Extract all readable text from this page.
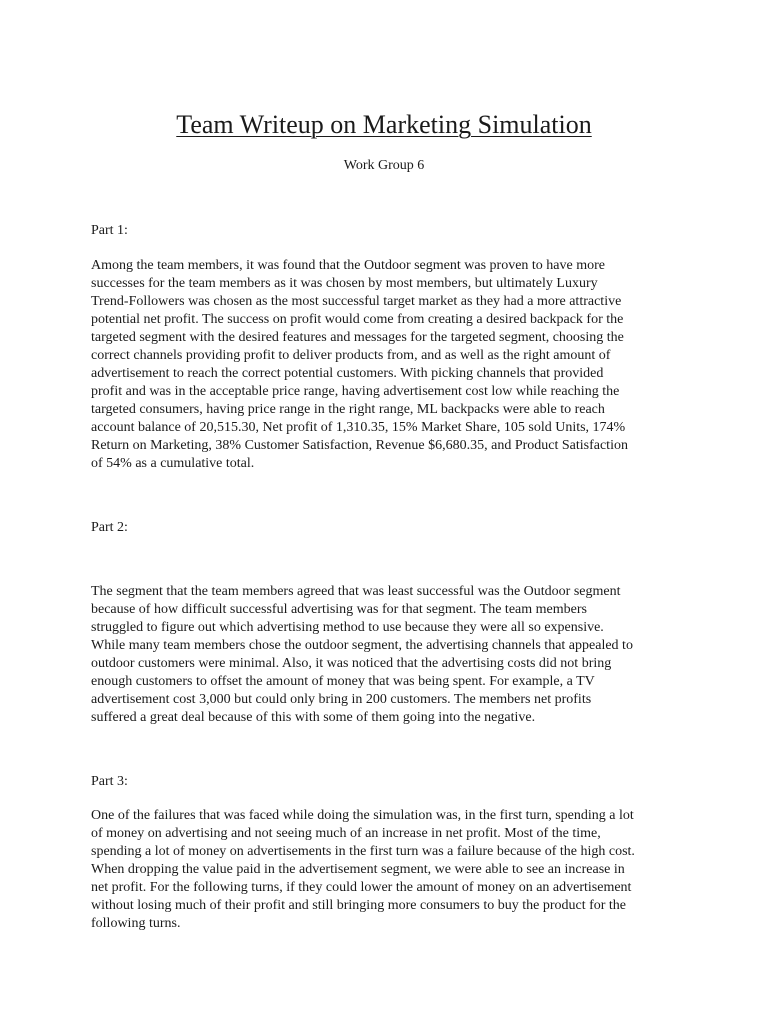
Team Writeup on Marketing Simulation

Work Group 6

Part 1:

Among the team members, it was found that the Outdoor segment was proven to have more
successes for the team members as it was chosen by most members, but ultimately Luxury
Trend-Followers was chosen as the most successful target market as they had a more attractive
potential net profit. The success on profit would come from creating a desired backpack for the
targeted segment with the desired features and messages for the targeted segment, choosing the
correct channels providing profit to deliver products from, and as well as the right amount of
advertisement to reach the correct potential customers. With picking channels that provided
profit and was in the acceptable price range, having advertisement cost low while reaching the
targeted consumers, having price range in the right range, ML backpacks were able to reach
account balance of 20,515.30, Net profit of 1,310.35, 15% Market Share, 105 sold Units, 174%
Return on Marketing, 38% Customer Satisfaction, Revenue $6,680.35, and Product Satisfaction
of 54% as a cumulative total.

Part 2:

The segment that the team members agreed that was least successful was the Outdoor segment
because of how difficult successful advertising was for that segment. The team members
struggled to figure out which advertising method to use because they were all so expensive.
While many team members chose the outdoor segment, the advertising channels that appealed to
outdoor customers were minimal. Also, it was noticed that the advertising costs did not bring
enough customers to offset the amount of money that was being spent. For example, a TV
advertisement cost 3,000 but could only bring in 200 customers. The members net profits
suffered a great deal because of this with some of them going into the negative.

Part 3:

One of the failures that was faced while doing the simulation was, in the first turn, spending a lot
of money on advertising and not seeing much of an increase in net profit. Most of the time,
spending a lot of money on advertisements in the first turn was a failure because of the high cost.
When dropping the value paid in the advertisement segment, we were able to see an increase in
net profit. For the following turns, if they could lower the amount of money on an advertisement
without losing much of their profit and still bringing more consumers to buy the product for the
following turns.
